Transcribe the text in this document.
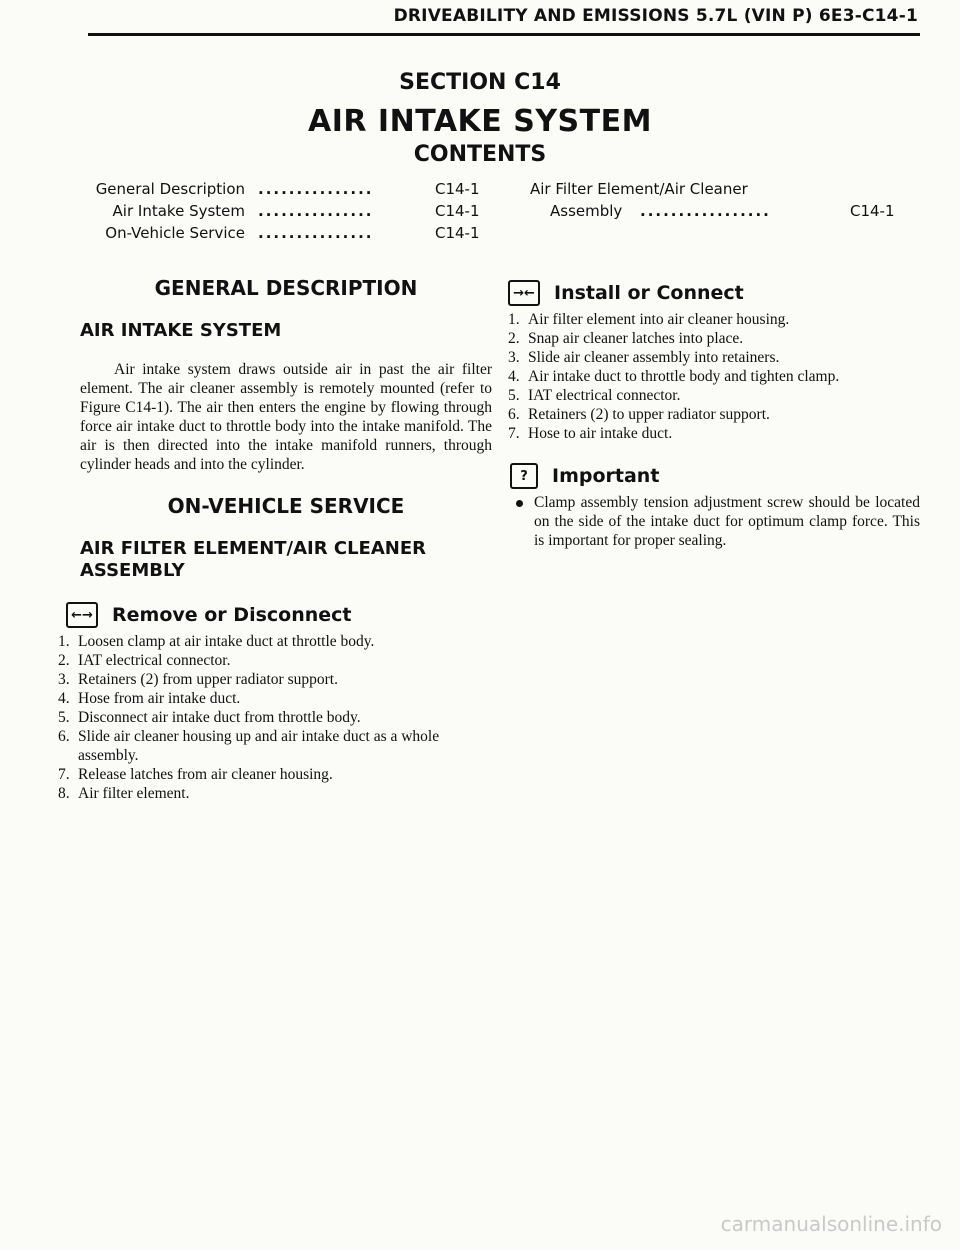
DRIVEABILITY AND EMISSIONS 5.7L (VIN P) 6E3-C14-1
SECTION C14
AIR INTAKE SYSTEM
CONTENTS
General Description ...............	C14-1
Air Intake System ...............	C14-1
On-Vehicle Service ...............	C14-1
Air Filter Element/Air Cleaner
Assembly .................	C14-1
GENERAL DESCRIPTION
AIR INTAKE SYSTEM

Air intake system draws outside air in past the air filter element. The air cleaner assembly is remotely mounted (refer to Figure C14-1). The air then enters the engine by flowing through force air intake duct to throttle body into the intake manifold. The air is then directed into the intake manifold runners, through cylinder heads and into the cylinder.

ON-VEHICLE SERVICE
AIR FILTER ELEMENT/AIR CLEANER
ASSEMBLY
←→ Remove or Disconnect
1. Loosen clamp at air intake duct at throttle body.
2. IAT electrical connector.
3. Retainers (2) from upper radiator support.
4. Hose from air intake duct.
5. Disconnect air intake duct from throttle body.
6. Slide air cleaner housing up and air intake duct as a whole assembly.
7. Release latches from air cleaner housing.
8. Air filter element.
→← Install or Connect
1. Air filter element into air cleaner housing.
2. Snap air cleaner latches into place.
3. Slide air cleaner assembly into retainers.
4. Air intake duct to throttle body and tighten clamp.
5. IAT electrical connector.
6. Retainers (2) to upper radiator support.
7. Hose to air intake duct.
?	Important

Clamp assembly tension adjustment screw should be located on the side of the intake duct for optimum clamp force. This is important for proper sealing.

carmanualsonline.info
